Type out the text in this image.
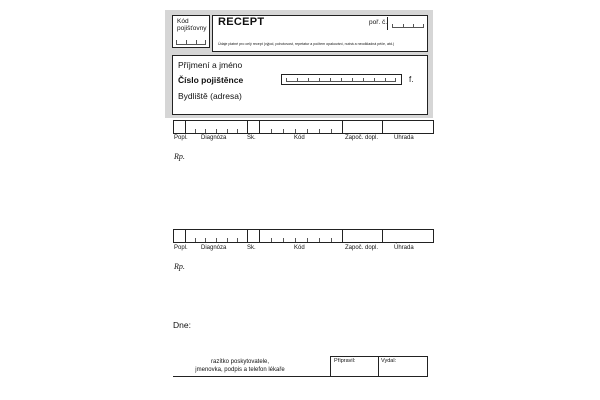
Kód pojišťovny
RECEPT	poř. č.
Údaje platné pro celý recept (výjod, pohotovost, repetatur a počtem opakování, nutná a neodkladná péče, atd.)
Příjmení a jméno
Číslo pojištěnce	f.
Bydliště (adresa)
Popl. Diagnóza	Sk.	Kód	Započ. dopl.	Úhrada
Rp.
Popl. Diagnóza	Sk.	Kód	Započ. dopl.	Úhrada
Rp.
Dne:
razítko poskytovatele,
jmenovka, podpis a telefon lékaře
Připravil:	Vydal:
